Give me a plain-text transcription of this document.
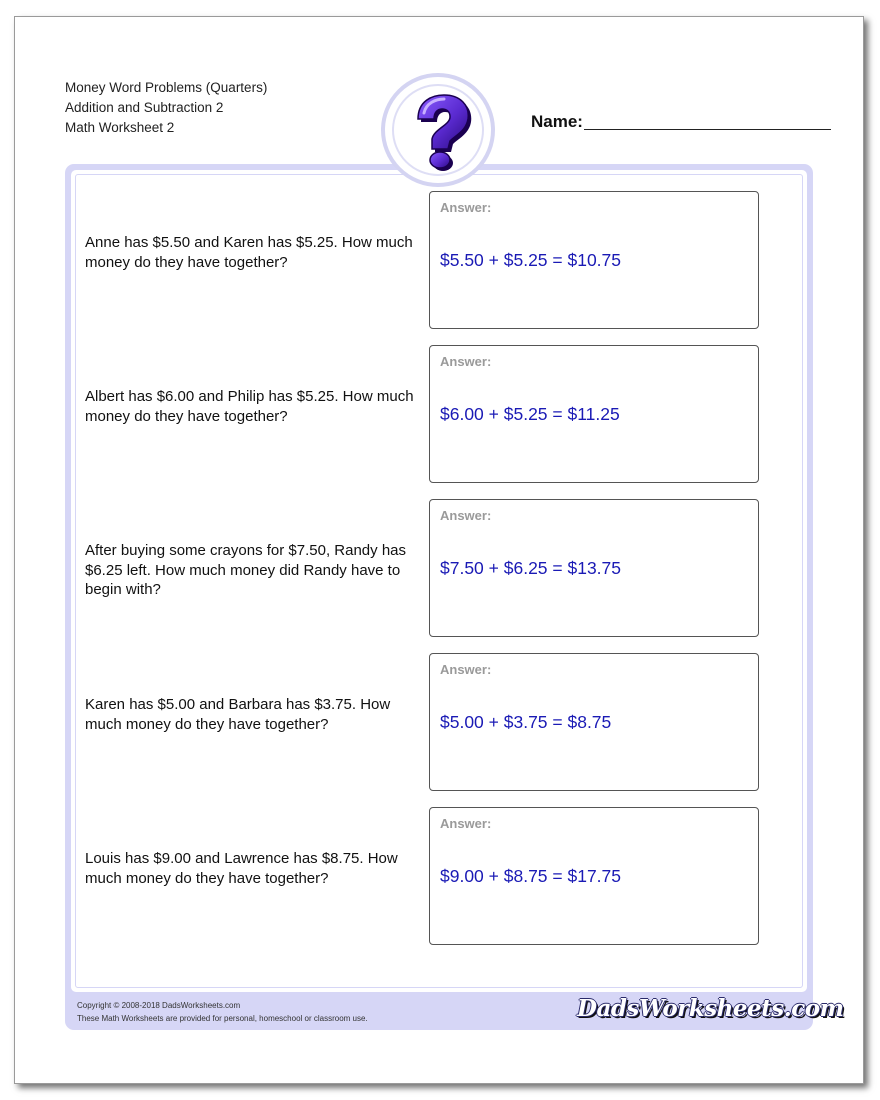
Money Word Problems (Quarters)
Addition and Subtraction 2
Math Worksheet 2	Name:
Anne has $5.50 and Karen has $5.25. How much money do they have together?
Answer:
$5.50 + $5.25 = $10.75
Albert has $6.00 and Philip has $5.25. How much money do they have together?
Answer:
$6.00 + $5.25 = $11.25
After buying some crayons for $7.50, Randy has $6.25 left. How much money did Randy have to begin with?
Answer:
$7.50 + $6.25 = $13.75
Karen has $5.00 and Barbara has $3.75. How much money do they have together?
Answer:
$5.00 + $3.75 = $8.75
Louis has $9.00 and Lawrence has $8.75. How much money do they have together?
Answer:
$9.00 + $8.75 = $17.75
Copyright © 2008-2018 DadsWorksheets.com
These Math Worksheets are provided for personal, homeschool or classroom use.	DadsWorksheets.com
